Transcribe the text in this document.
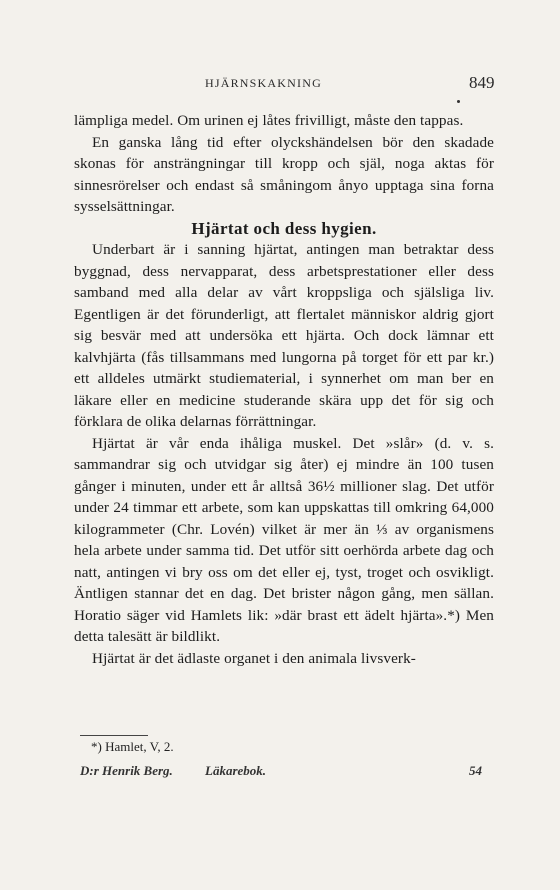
HJÄRNSKAKNING	849

lämpliga medel. Om urinen ej låtes frivilligt, måste den tappas.

En ganska lång tid efter olyckshändelsen bör den skadade skonas för ansträngningar till kropp och själ, noga aktas för sinnesrörelser och endast så småningom ånyo upptaga sina forna sysselsättningar.

Hjärtat och dess hygien.

Underbart är i sanning hjärtat, antingen man betraktar dess byggnad, dess nervapparat, dess arbetsprestationer eller dess samband med alla delar av vårt kroppsliga och själsliga liv. Egentligen är det förunderligt, att flertalet människor aldrig gjort sig besvär med att undersöka ett hjärta. Och dock lämnar ett kalvhjärta (fås tillsammans med lungorna på torget för ett par kr.) ett alldeles utmärkt studiematerial, i synnerhet om man ber en läkare eller en medicine studerande skära upp det för sig och förklara de olika delarnas förrättningar.

Hjärtat är vår enda ihåliga muskel. Det »slår» (d. v. s. sammandrar sig och utvidgar sig åter) ej mindre än 100 tusen gånger i minuten, under ett år alltså 36½ millioner slag. Det utför under 24 timmar ett arbete, som kan uppskattas till omkring 64,000 kilogrammeter (Chr. Lovén) vilket är mer än ⅓ av organismens hela arbete under samma tid. Det utför sitt oerhörda arbete dag och natt, antingen vi bry oss om det eller ej, tyst, troget och osvikligt. Äntligen stannar det en dag. Det brister någon gång, men sällan. Horatio säger vid Hamlets lik: »där brast ett ädelt hjärta».*) Men detta talesätt är bildlikt.

Hjärtat är det ädlaste organet i den animala livsverk-

*) Hamlet, V, 2.
D:r Henrik Berg. Läkarebok.	54
